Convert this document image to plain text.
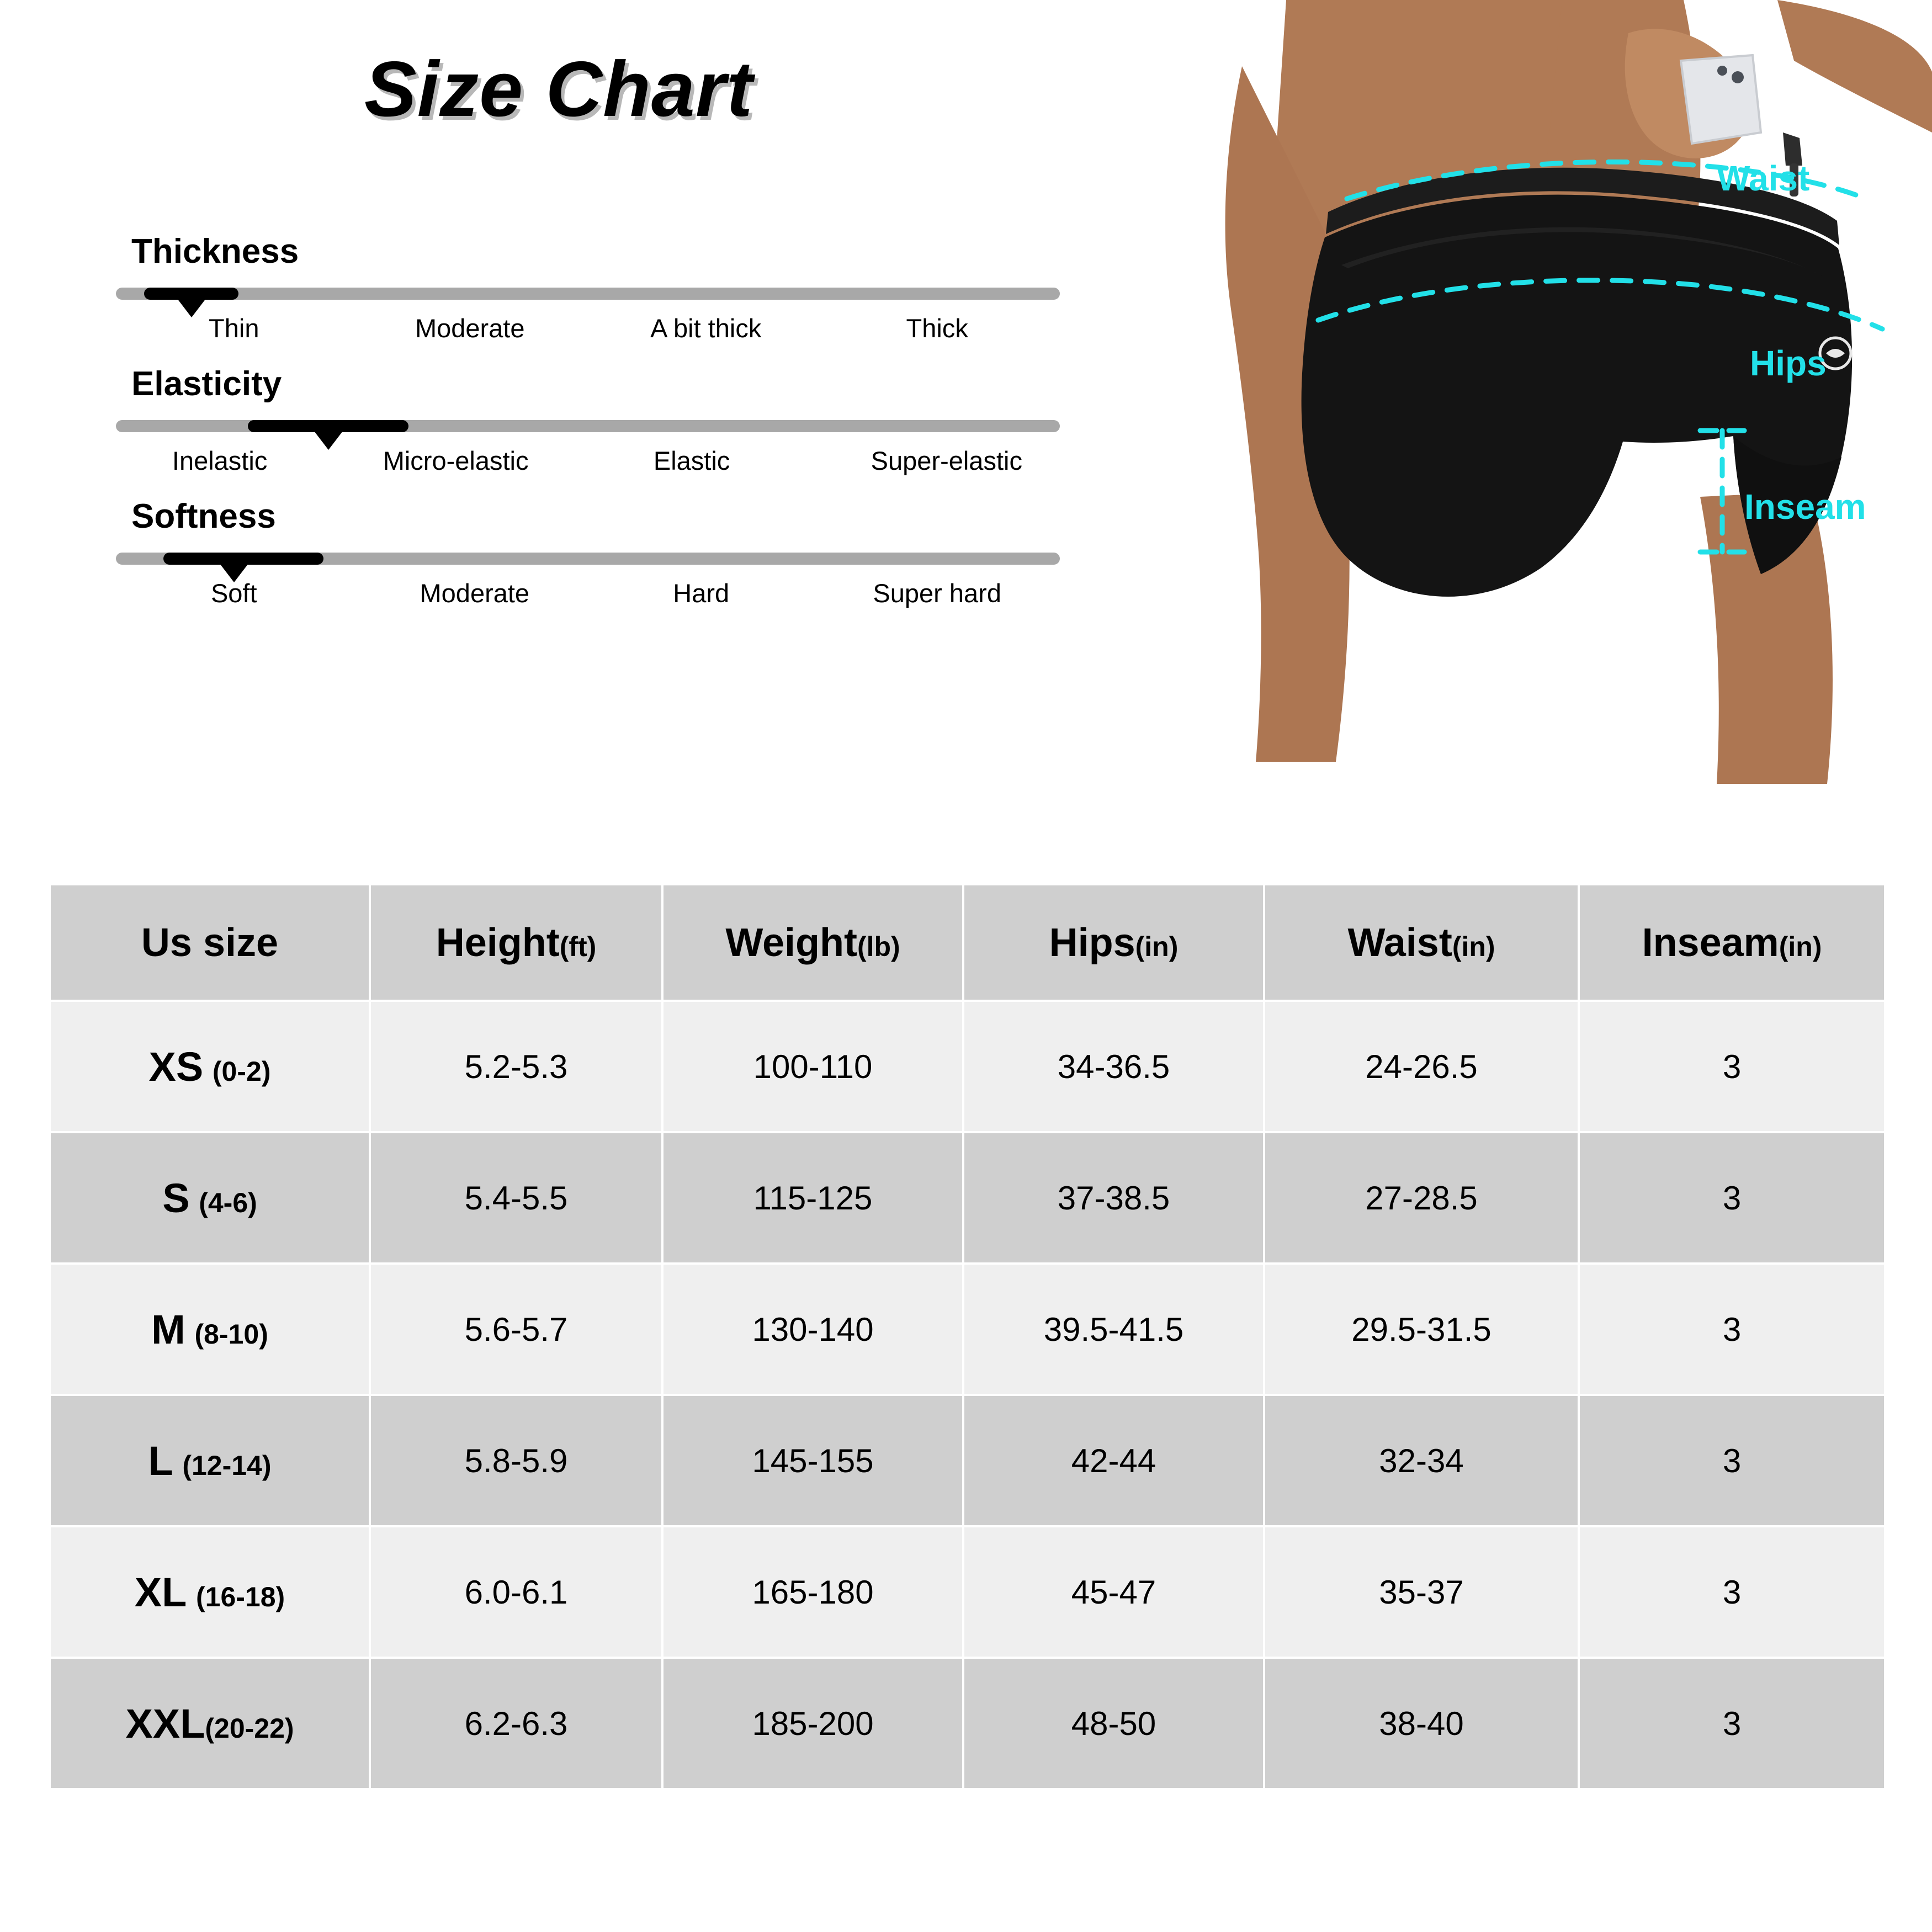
Size Chart
Thickness
Thin	Moderate	A bit thick	Thick
Elasticity
Inelastic	Micro-elastic	Elastic	Super-elastic
Softness
Soft	Moderate	Hard	Super hard
Waist
Hips
Inseam
Us size	Height(ft)	Weight(lb)	Hips(in)	Waist(in)	Inseam(in)
XS (0-2)	5.2-5.3	100-110	34-36.5	24-26.5	3
S (4-6)	5.4-5.5	115-125	37-38.5	27-28.5	3
M (8-10)	5.6-5.7	130-140	39.5-41.5	29.5-31.5	3
L (12-14)	5.8-5.9	145-155	42-44	32-34	3
XL (16-18)	6.0-6.1	165-180	45-47	35-37	3
XXL(20-22)	6.2-6.3	185-200	48-50	38-40	3
